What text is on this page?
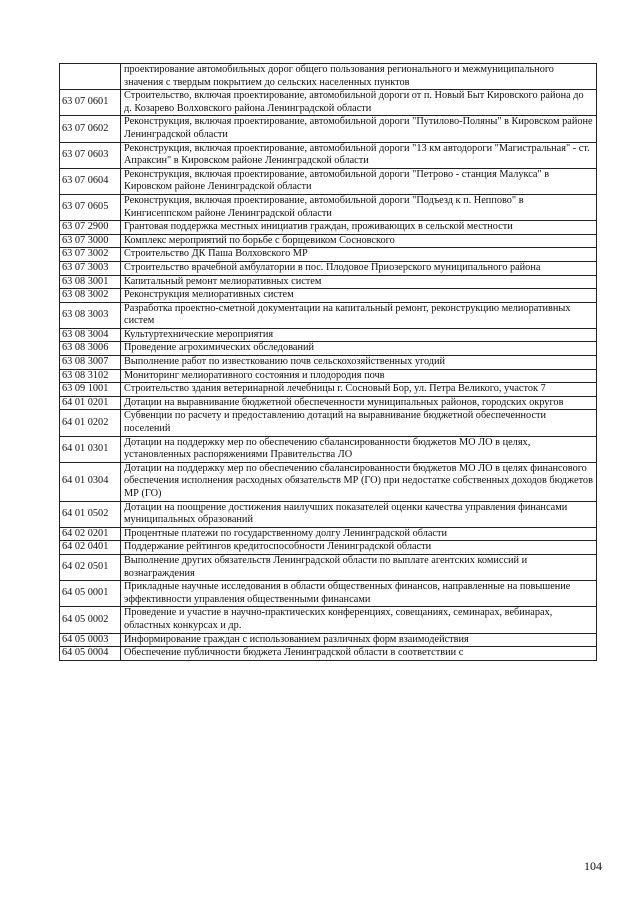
	проектирование автомобильных дорог общего пользования регионального и межмуниципального значения с твердым покрытием до сельских населенных пунктов
63 07 0601	Строительство, включая проектирование, автомобильной дороги от п. Новый Быт Кировского района до д. Козарево Волховского района Ленинградской области
63 07 0602	Реконструкция, включая проектирование, автомобильной дороги "Путилово-Поляны" в Кировском районе Ленинградской области
63 07 0603	Реконструкция, включая проектирование, автомобильной дороги "13 км автодороги "Магистральная" - ст. Апраксин" в Кировском районе Ленинградской области
63 07 0604	Реконструкция, включая проектирование, автомобильной дороги "Петрово - станция Малукса" в Кировском районе Ленинградской области
63 07 0605	Реконструкция, включая проектирование, автомобильной дороги "Подъезд к п. Неппово" в Кингисеппском районе Ленинградской области
63 07 2900	Грантовая поддержка местных инициатив граждан, проживающих в сельской местности
63 07 3000	Комплекс мероприятий по борьбе с борщевиком Сосновского
63 07 3002	Строительство ДК Паша Волховского МР
63 07 3003	Строительство врачебной амбулатории в пос. Плодовое Приозерского муниципального района
63 08 3001	Капитальный ремонт мелиоративных систем
63 08 3002	Реконструкция мелиоративных систем
63 08 3003	Разработка проектно-сметной документации на капитальный ремонт, реконструкцию мелиоративных систем
63 08 3004	Культуртехнические мероприятия
63 08 3006	Проведение агрохимических обследований
63 08 3007	Выполнение работ по известкованию почв сельскохозяйственных угодий
63 08 3102	Мониторинг мелиоративного состояния и плодородия почв
63 09 1001	Строительство здания ветеринарной лечебницы г. Сосновый Бор, ул. Петра Великого, участок 7
64 01 0201	Дотации на выравнивание бюджетной обеспеченности муниципальных районов, городских округов
64 01 0202	Субвенции по расчету и предоставлению дотаций на выравнивание бюджетной обеспеченности поселений
64 01 0301	Дотации на поддержку мер по обеспечению сбалансированности бюджетов МО ЛО в целях, установленных распоряжениями Правительства ЛО
64 01 0304	Дотации на поддержку мер по обеспечению сбалансированности бюджетов МО ЛО в целях финансового обеспечения исполнения расходных обязательств МР (ГО) при недостатке собственных доходов бюджетов МР (ГО)
64 01 0502	Дотации на поощрение достижения наилучших показателей оценки качества управления финансами муниципальных образований
64 02 0201	Процентные платежи по государственному долгу Ленинградской области
64 02 0401	Поддержание рейтингов кредитоспособности Ленинградской области
64 02 0501	Выполнение других обязательств Ленинградской области по выплате агентских комиссий и вознаграждения
64 05 0001	Прикладные научные исследования в области общественных финансов, направленные на повышение эффективности управления общественными финансами
64 05 0002	Проведение и участие в научно-практических конференциях, совещаниях, семинарах, вебинарах, областных конкурсах и др.
64 05 0003	Информирование граждан с использованием различных форм взаимодействия
64 05 0004	Обеспечение публичности бюджета Ленинградской области в соответствии с
104
